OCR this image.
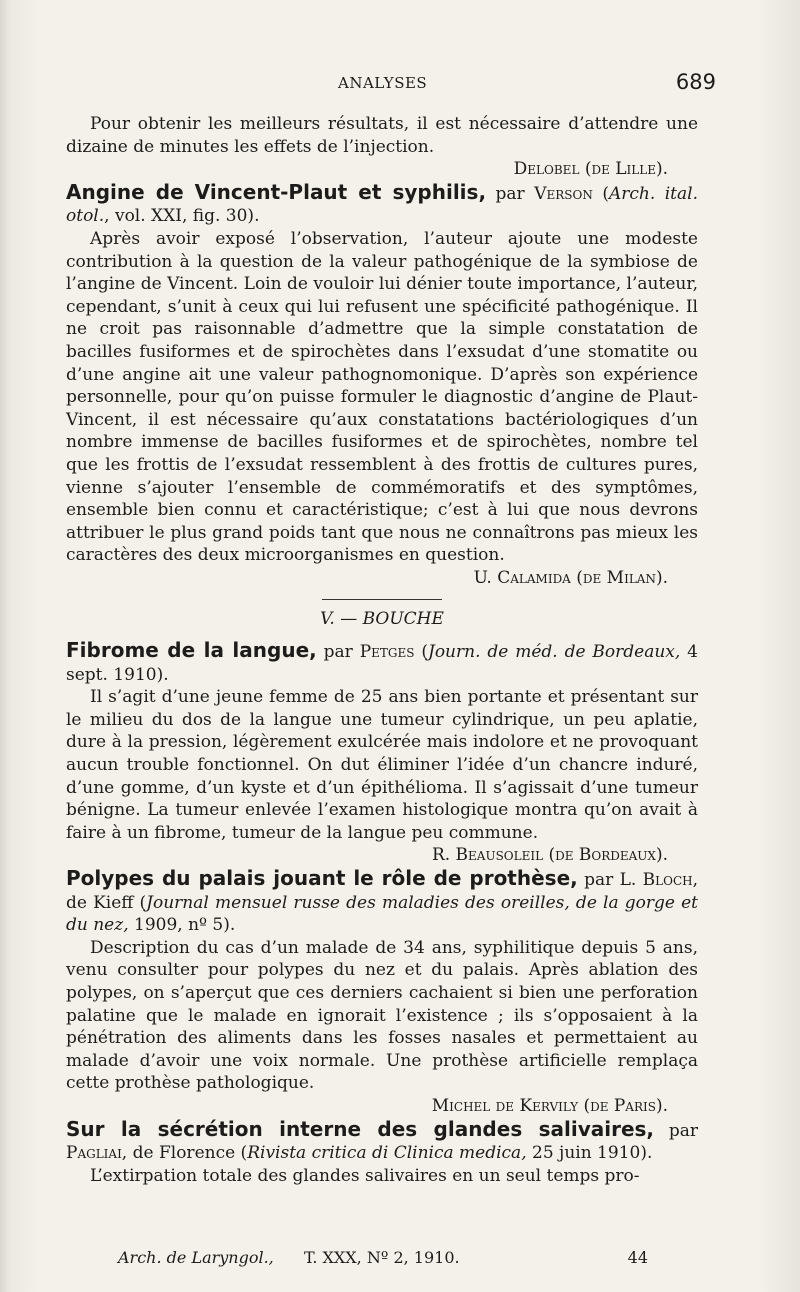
ANALYSES	689

Pour obtenir les meilleurs résultats, il est nécessaire d’attendre une dizaine de minutes les effets de l’injection.

Delobel (de Lille).

Angine de Vincent-Plaut et syphilis, par Verson (Arch. ital. otol., vol. XXI, fig. 30).

Après avoir exposé l’observation, l’auteur ajoute une modeste contribution à la question de la valeur pathogénique de la symbiose de l’angine de Vincent. Loin de vouloir lui dénier toute importance, l’auteur, cependant, s’unit à ceux qui lui refusent une spécificité pathogénique. Il ne croit pas raisonnable d’admettre que la simple constatation de bacilles fusiformes et de spirochètes dans l’exsudat d’une stomatite ou d’une angine ait une valeur pathognomonique. D’après son expérience personnelle, pour qu’on puisse formuler le diagnostic d’angine de Plaut-Vincent, il est nécessaire qu’aux constatations bactériologiques d’un nombre immense de bacilles fusiformes et de spirochètes, nombre tel que les frottis de l’exsudat ressemblent à des frottis de cultures pures, vienne s’ajouter l’ensemble de commémoratifs et des symptômes, ensemble bien connu et caractéristique; c’est à lui que nous devrons attribuer le plus grand poids tant que nous ne connaîtrons pas mieux les caractères des deux microorganismes en question.

U. Calamida (de Milan).

V. — BOUCHE

Fibrome de la langue, par Petges (Journ. de méd. de Bordeaux, 4 sept. 1910).

Il s’agit d’une jeune femme de 25 ans bien portante et présentant sur le milieu du dos de la langue une tumeur cylindrique, un peu aplatie, dure à la pression, légèrement exulcérée mais indolore et ne provoquant aucun trouble fonctionnel. On dut éliminer l’idée d’un chancre induré, d’une gomme, d’un kyste et d’un épithélioma. Il s’agissait d’une tumeur bénigne. La tumeur enlevée l’examen histologique montra qu’on avait à faire à un fibrome, tumeur de la langue peu commune.

R. Beausoleil (de Bordeaux).

Polypes du palais jouant le rôle de prothèse, par L. Bloch, de Kieff (Journal mensuel russe des maladies des oreilles, de la gorge et du nez, 1909, nº 5).

Description du cas d’un malade de 34 ans, syphilitique depuis 5 ans, venu consulter pour polypes du nez et du palais. Après ablation des polypes, on s’aperçut que ces derniers cachaient si bien une perforation palatine que le malade en ignorait l’existence ; ils s’opposaient à la pénétration des aliments dans les fosses nasales et permettaient au malade d’avoir une voix normale. Une prothèse artificielle remplaça cette prothèse pathologique.

Michel de Kervily (de Paris).

Sur la sécrétion interne des glandes salivaires, par Pagliai, de Florence (Rivista critica di Clinica medica, 25 juin 1910).

L’extirpation totale des glandes salivaires en un seul temps pro-

Arch. de Laryngol., T. XXX, Nº 2, 1910.	44
